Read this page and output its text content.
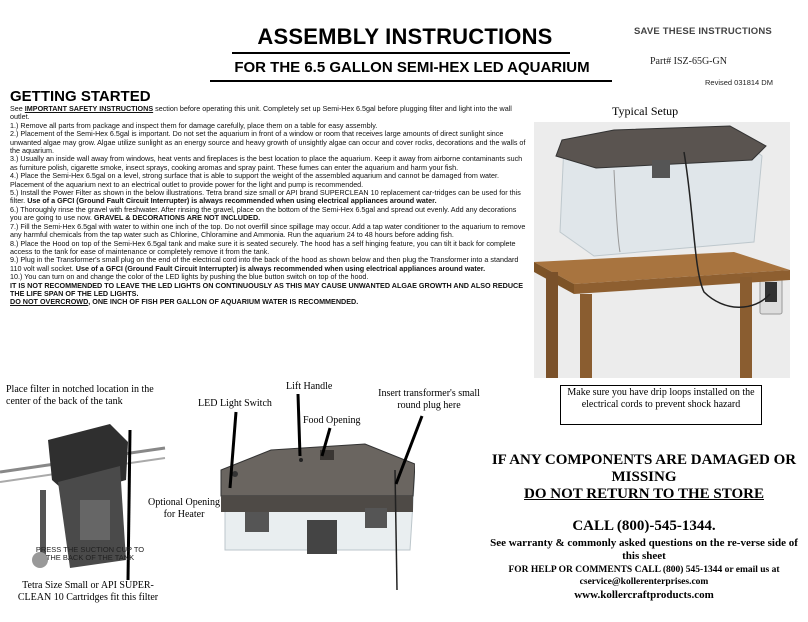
ASSEMBLY INSTRUCTIONS
FOR THE 6.5 GALLON SEMI-HEX LED AQUARIUM
SAVE THESE INSTRUCTIONS
Part# ISZ-65G-GN
Revised 031814 DM
GETTING STARTED

See IMPORTANT SAFETY INSTRUCTIONS section before operating this unit. Completely set up Semi-Hex 6.5gal before plugging filter and light into the wall outlet.

1.) Remove all parts from package and inspect them for damage carefully, place them on a table for easy assembly.

2.) Placement of the Semi-Hex 6.5gal is important. Do not set the aquarium in front of a window or room that receives large amounts of direct sunlight since unwanted algae may grow. Algae utilize sunlight as an energy source and heavy growth of unsightly algae can occur and cover rocks, decorations and the walls of the aquarium.

3.) Usually an inside wall away from windows, heat vents and fireplaces is the best location to place the aquarium. Keep it away from airborne contaminants such as furniture polish, cigarette smoke, insect sprays, cooking aromas and spray paint. These fumes can enter the aquarium and harm your fish.

4.) Place the Semi-Hex 6.5gal on a level, strong surface that is able to support the weight of the assembled aquarium and cannot be damaged from water. Placement of the aquarium next to an electrical outlet to provide power for the light and pump is recommended.

5.) Install the Power Filter as shown in the below illustrations. Tetra brand size small or API brand SUPERCLEAN 10 replacement car-tridges can be used for this filter. Use of a GFCI (Ground Fault Circuit Interrupter) is always recommended when using electrical appliances around water.

6.) Thoroughly rinse the gravel with freshwater. After rinsing the gravel, place on the bottom of the Semi-Hex 6.5gal and spread out evenly. Add any decorations you are going to use now. GRAVEL & DECORATIONS ARE NOT INCLUDED.

7.) Fill the Semi-Hex 6.5gal with water to within one inch of the top. Do not overfill since spillage may occur. Add a tap water conditioner to the aquarium to remove any harmful chemicals from the tap water such as Chlorine, Chloramine and Ammonia. Run the aquarium 24 to 48 hours before adding fish.

8.) Place the Hood on top of the Semi-Hex 6.5gal tank and make sure it is seated securely. The hood has a self hinging feature, you can tilt it back for complete access to the tank for ease of maintenance or completely remove it from the tank.

9.) Plug in the Transformer's small plug on the end of the electrical cord into the back of the hood as shown below and then plug the Transformer into a standard 110 volt wall socket. Use of a GFCI (Ground Fault Circuit Interrupter) is always recommended when using electrical appliances around water.

10.) You can turn on and change the color of the LED lights by pushing the blue button switch on top of the hood.

IT IS NOT RECOMMENDED TO LEAVE THE LED LIGHTS ON CONTINUOUSLY AS THIS MAY CAUSE UNWANTED ALGAE GROWTH AND ALSO REDUCE THE LIFE SPAN OF THE LED LIGHTS.

DO NOT OVERCROWD, ONE INCH OF FISH PER GALLON OF AQUARIUM WATER IS RECOMMENDED.

Typical Setup
Make sure you have drip loops installed on the electrical cords to prevent shock hazard
Place filter in notched location in the center of the back of the tank
PRESS THE SUCTION CUP TO THE BACK OF THE TANK
Tetra Size Small or API SUPER-CLEAN 10 Cartridges fit this filter
LED Light Switch
Lift Handle
Food Opening
Insert transformer's small round plug here
Optional Opening for Heater
IF ANY COMPONENTS ARE DAMAGED OR MISSING
DO NOT RETURN TO THE STORE
CALL (800)-545-1344.
See warranty & commonly asked questions on the re-verse side of this sheet
FOR HELP OR COMMENTS CALL (800) 545-1344 or email us at cservice@kollerenterprises.com
www.kollercraftproducts.com
